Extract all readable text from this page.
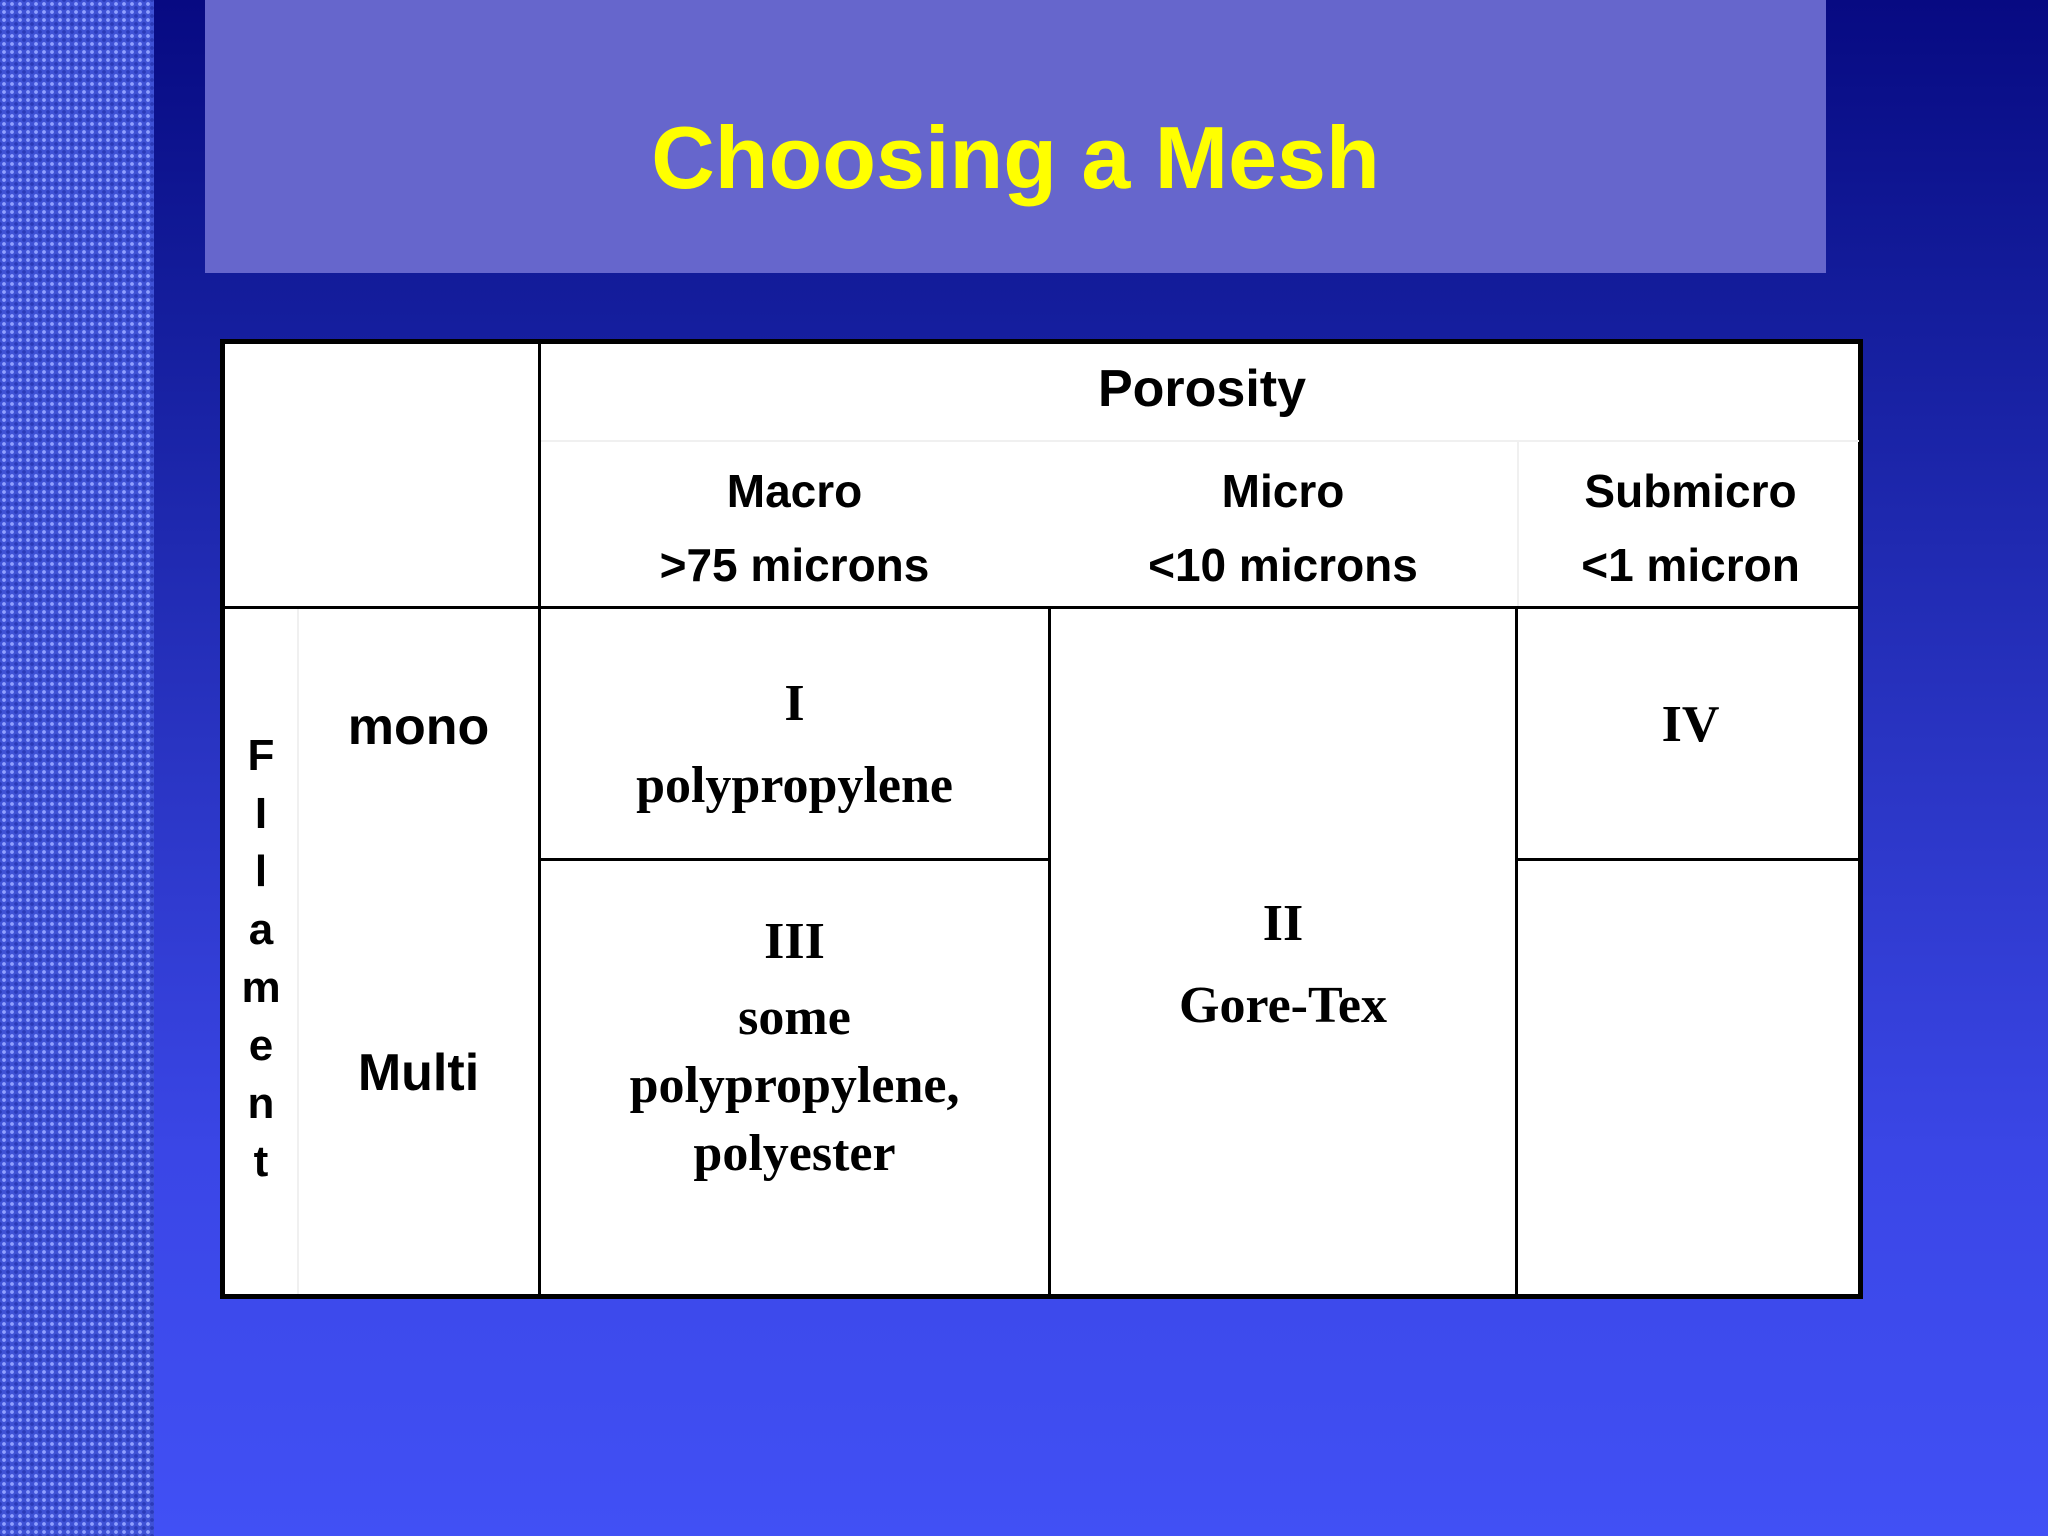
Choosing a Mesh
Porosity
Macro
>75 microns
Micro
<10 microns
Submicro
<1 micron
F
I
l
a
m
e
n
t
mono
Multi
I
polypropylene
II
Gore-Tex
III
some
polypropylene,
polyester
IV
